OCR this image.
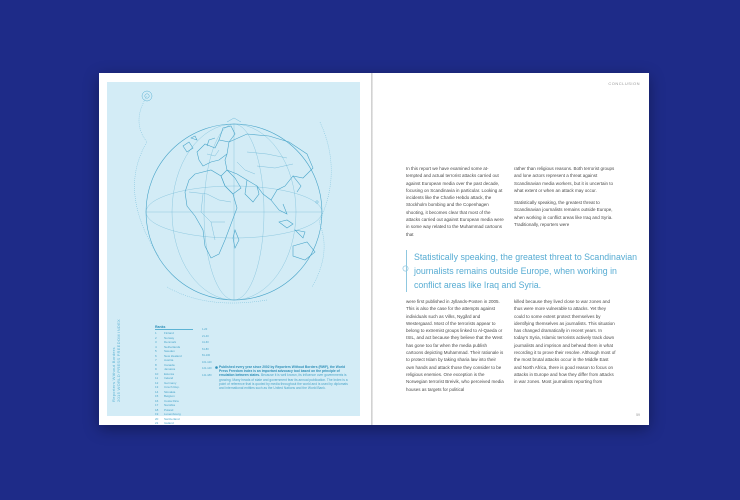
Reporters Without Borders 2015 WORLD PRESS FREEDOM INDEX	Ranks
1	Finland
2	Norway
3	Denmark
4	Netherlands
5	Sweden
6	New Zealand
7	Austria
8	Canada
9	Jamaica
10	Estonia
11	Ireland
12	Germany
13	Czech Rep.
14	Slovakia
15	Belgium
16	Costa Rica
17	Namibia
18	Poland
19	Luxembourg
20	Switzerland
21	Iceland
1-20
21-40
41-60
61-80
81-100
101-120
121-140
141-180
Published every year since 2002 by Reporters Without Borders (RWF), the World Press Freedom Index is an important advocacy tool based on the principle of emulation between states. Because it is well known, its influence over governments is growing. Many heads of state and government fear its annual publication. The Index is a point of reference that is quoted by media throughout the world and is used by diplomats and international entities such as the United Nations and the World Bank.
CONCLUSION

In this report we have examined some at-tempted and actual terrorist attacks carried out against European media over the past decade, focusing on Scandinavia in particular. Looking at incidents like the Charlie Hebdo attack, the Stockholm bombing and the Copenhagen shooting, it becomes clear that most of the attacks carried out against European media were in some way related to the Muhammad cartoons that

rather than religious reasons. Both terrorist groups and lone actors represent a threat against Scandinavian media workers, but it is uncertain to what extent or when an attack may occur.

Statistically speaking, the greatest threat to Scandinavian journalists remains outside Europe, when working in conflict areas like Iraq and Syria. Traditionally, reporters were

Statistically speaking, the greatest threat to Scandinavian journalists remains outside Europe, when working in conflict areas like Iraq and Syria.

were first published in Jyllands-Posten in 2005. This is also the case for the attempts against individuals such as Vilks, Nygård and Westergaard. Most of the terrorists appear to belong to extremist groups linked to Al-Qaeda or ISIL, and act because they believe that the West has gone too far when the media publish cartoons depicting Muhammad. Their rationale is to protect Islam by taking sharia law into their own hands and attack those they consider to be religious enemies. One exception is the Norwegian terrorist Breivik, who perceived media houses as targets for political

killed because they lived close to war zones and thus were more vulnerable to attacks. Yet they could to some extent protect themselves by identifying themselves as journalists. This situation has changed dramatically in recent years. In today's Syria, Islamic terrorists actively track down journalists and imprison and behead them in what recording it to prove their resolve. Although most of the most brutal attacks occur in the Middle East and North Africa, there is good reason to focus on attacks in Europe and how they differ from attacks in war zones. Most journalists reporting from

59
